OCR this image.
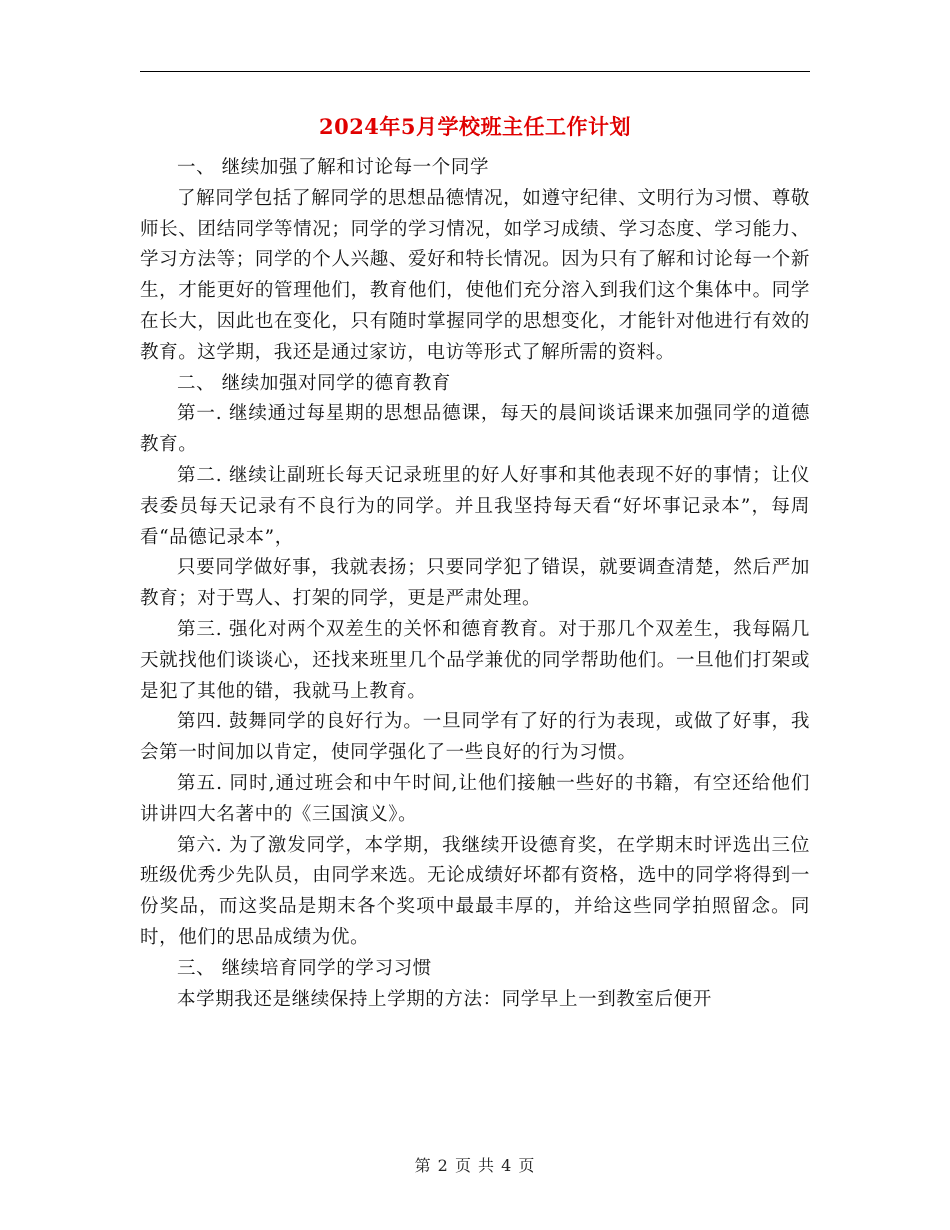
2024年5月学校班主任工作计划

一、 继续加强了解和讨论每一个同学

了解同学包括了解同学的思想品德情况，如遵守纪律、文明行为习惯、尊敬师长、团结同学等情况；同学的学习情况，如学习成绩、学习态度、学习能力、学习方法等；同学的个人兴趣、爱好和特长情况。因为只有了解和讨论每一个新生，才能更好的管理他们，教育他们，使他们充分溶入到我们这个集体中。同学在长大，因此也在变化，只有随时掌握同学的思想变化，才能针对他进行有效的教育。这学期，我还是通过家访，电访等形式了解所需的资料。

二、 继续加强对同学的德育教育

第一. 继续通过每星期的思想品德课，每天的晨间谈话课来加强同学的道德教育。

第二. 继续让副班长每天记录班里的好人好事和其他表现不好的事情；让仪表委员每天记录有不良行为的同学。并且我坚持每天看“好坏事记录本”，每周看“品德记录本”，

只要同学做好事，我就表扬；只要同学犯了错误，就要调查清楚，然后严加教育；对于骂人、打架的同学，更是严肃处理。

第三. 强化对两个双差生的关怀和德育教育。对于那几个双差生，我每隔几天就找他们谈谈心，还找来班里几个品学兼优的同学帮助他们。一旦他们打架或是犯了其他的错，我就马上教育。

第四. 鼓舞同学的良好行为。一旦同学有了好的行为表现，或做了好事，我会第一时间加以肯定，使同学强化了一些良好的行为习惯。

第五. 同时,通过班会和中午时间,让他们接触一些好的书籍，有空还给他们讲讲四大名著中的《三国演义》。

第六. 为了激发同学，本学期，我继续开设德育奖，在学期末时评选出三位班级优秀少先队员，由同学来选。无论成绩好坏都有资格，选中的同学将得到一份奖品，而这奖品是期末各个奖项中最最丰厚的，并给这些同学拍照留念。同时，他们的思品成绩为优。

三、 继续培育同学的学习习惯

本学期我还是继续保持上学期的方法：同学早上一到教室后便开

第 2 页 共 4 页
